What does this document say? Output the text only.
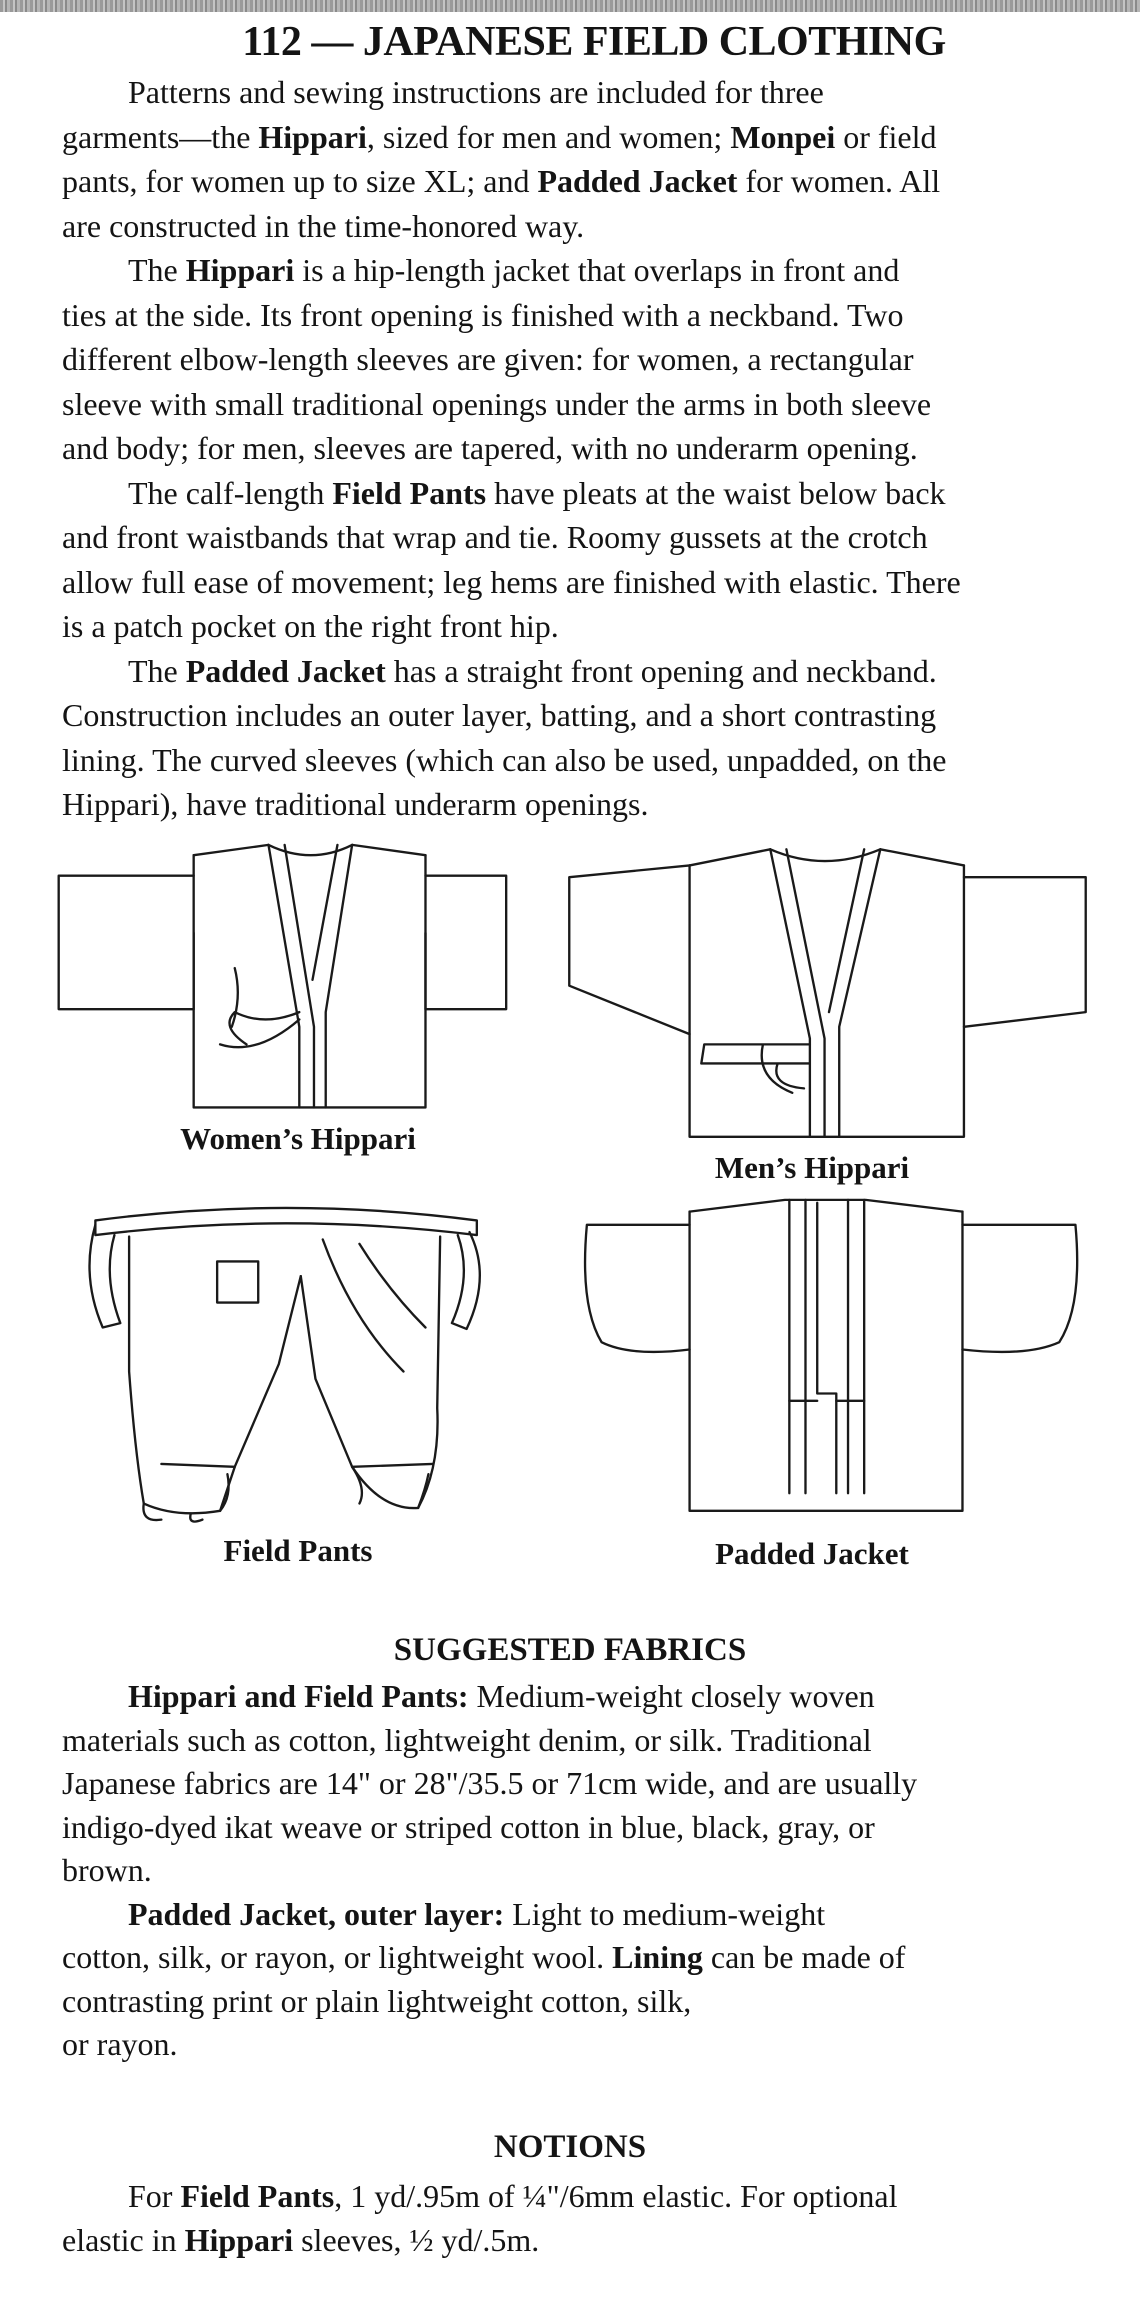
112 — JAPANESE FIELD CLOTHING
Patterns and sewing instructions are included for three
garments—the Hippari, sized for men and women; Monpei or field
pants, for women up to size XL; and Padded Jacket for women. All
are constructed in the time-honored way.
The Hippari is a hip-length jacket that overlaps in front and
ties at the side. Its front opening is finished with a neckband. Two
different elbow-length sleeves are given: for women, a rectangular
sleeve with small traditional openings under the arms in both sleeve
and body; for men, sleeves are tapered, with no underarm opening.
The calf-length Field Pants have pleats at the waist below back
and front waistbands that wrap and tie. Roomy gussets at the crotch
allow full ease of movement; leg hems are finished with elastic. There
is a patch pocket on the right front hip.
The Padded Jacket has a straight front opening and neckband.
Construction includes an outer layer, batting, and a short contrasting
lining. The curved sleeves (which can also be used, unpadded, on the
Hippari), have traditional underarm openings.
Women’s Hippari
Men’s Hippari
Field Pants	Padded Jacket
SUGGESTED FABRICS
Hippari and Field Pants: Medium-weight closely woven
materials such as cotton, lightweight denim, or silk. Traditional
Japanese fabrics are 14" or 28"/35.5 or 71cm wide, and are usually
indigo-dyed ikat weave or striped cotton in blue, black, gray, or
brown.
Padded Jacket, outer layer: Light to medium-weight
cotton, silk, or rayon, or lightweight wool. Lining can be made of
contrasting print or plain lightweight cotton, silk,
or rayon.
NOTIONS
For Field Pants, 1 yd/.95m of ¼"/6mm elastic. For optional
elastic in Hippari sleeves, ½ yd/.5m.
